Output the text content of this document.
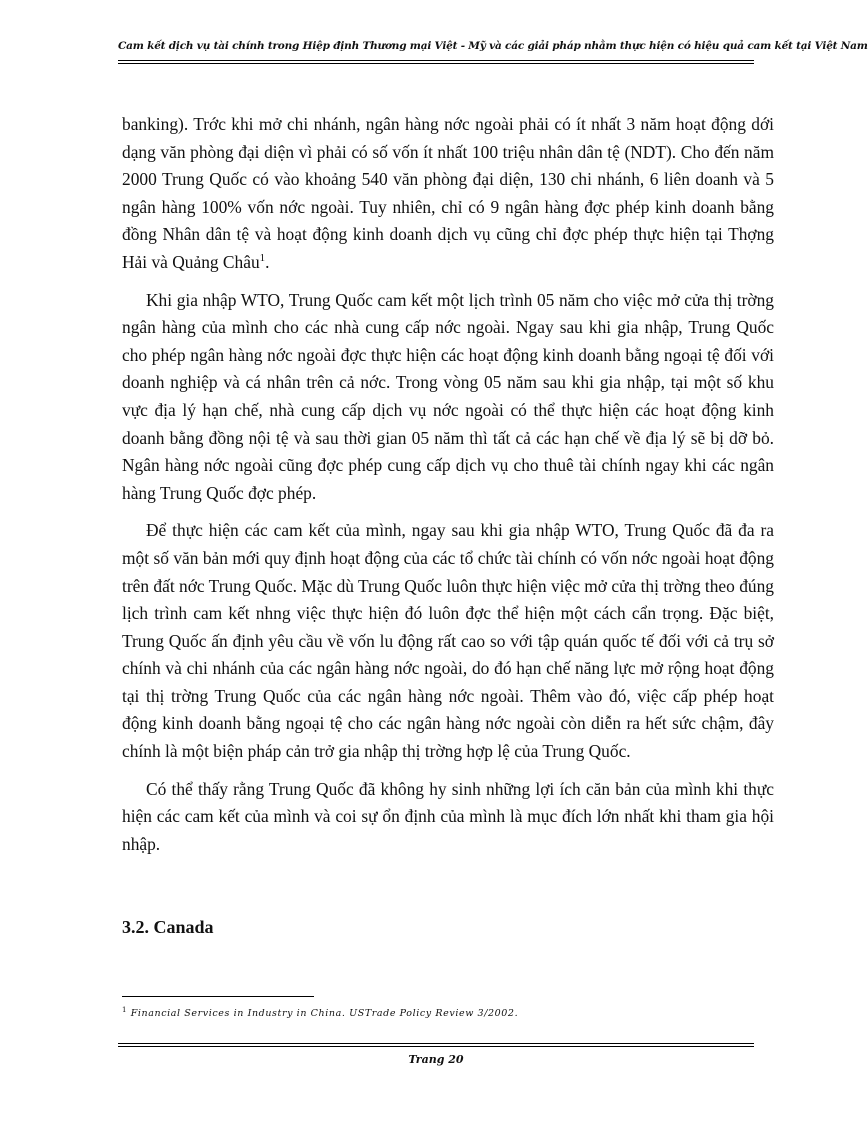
Cam kết dịch vụ tài chính trong Hiệp định Thương mại Việt - Mỹ và các giải pháp nhằm thực hiện có hiệu quả cam kết tại Việt Nam

banking). Trớc khi mở chi nhánh, ngân hàng nớc ngoài phải có ít nhất 3 năm hoạt động dới dạng văn phòng đại diện vì phải có số vốn ít nhất 100 triệu nhân dân tệ (NDT). Cho đến năm 2000 Trung Quốc có vào khoảng 540 văn phòng đại diện, 130 chi nhánh, 6 liên doanh và 5 ngân hàng 100% vốn nớc ngoài. Tuy nhiên, chỉ có 9 ngân hàng đợc phép kinh doanh bằng đồng Nhân dân tệ và hoạt động kinh doanh dịch vụ cũng chỉ đợc phép thực hiện tại Thợng Hải và Quảng Châu$^1$.

Khi gia nhập WTO, Trung Quốc cam kết một lịch trình 05 năm cho việc mở cửa thị trờng ngân hàng của mình cho các nhà cung cấp nớc ngoài. Ngay sau khi gia nhập, Trung Quốc cho phép ngân hàng nớc ngoài đợc thực hiện các hoạt động kinh doanh bằng ngoại tệ đối với doanh nghiệp và cá nhân trên cả nớc. Trong vòng 05 năm sau khi gia nhập, tại một số khu vực địa lý hạn chế, nhà cung cấp dịch vụ nớc ngoài có thể thực hiện các hoạt động kinh doanh bằng đồng nội tệ và sau thời gian 05 năm thì tất cả các hạn chế về địa lý sẽ bị dỡ bỏ. Ngân hàng nớc ngoài cũng đợc phép cung cấp dịch vụ cho thuê tài chính ngay khi các ngân hàng Trung Quốc đợc phép.

Để thực hiện các cam kết của mình, ngay sau khi gia nhập WTO, Trung Quốc đã đa ra một số văn bản mới quy định hoạt động của các tổ chức tài chính có vốn nớc ngoài hoạt động trên đất nớc Trung Quốc. Mặc dù Trung Quốc luôn thực hiện việc mở cửa thị trờng theo đúng lịch trình cam kết nhng việc thực hiện đó luôn đợc thể hiện một cách cẩn trọng. Đặc biệt, Trung Quốc ấn định yêu cầu về vốn lu động rất cao so với tập quán quốc tế đối với cả trụ sở chính và chi nhánh của các ngân hàng nớc ngoài, do đó hạn chế năng lực mở rộng hoạt động tại thị trờng Trung Quốc của các ngân hàng nớc ngoài. Thêm vào đó, việc cấp phép hoạt động kinh doanh bằng ngoại tệ cho các ngân hàng nớc ngoài còn diễn ra hết sức chậm, đây chính là một biện pháp cản trở gia nhập thị trờng hợp lệ của Trung Quốc.

Có thể thấy rằng Trung Quốc đã không hy sinh những lợi ích căn bản của mình khi thực hiện các cam kết của mình và coi sự ổn định của mình là mục đích lớn nhất khi tham gia hội nhập.

3.2. Canada
$^1$ Financial Services in Industry in China. USTrade Policy Review 3/2002.
Trang 20
